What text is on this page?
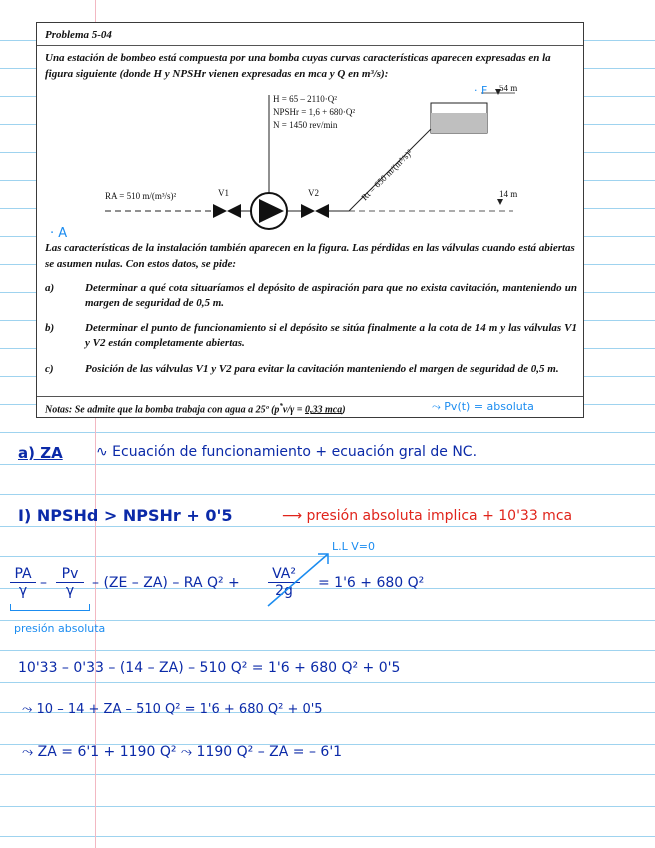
Problema 5-04
Una estación de bombeo está compuesta por una bomba cuyas curvas características aparecen expresadas en la figura siguiente (donde H y NPSHr vienen expresadas en mca y Q en m³/s):
H = 65 – 2110·Q²
NPSHr = 1,6 + 680·Q²
N = 1450 rev/min
54 m
RA = 510 m/(m³/s)²	V1	V2	Rt = 650 m/(m³/s)²	14 m
Las características de la instalación también aparecen en la figura. Las pérdidas en las válvulas cuando está abiertas se asumen nulas. Con estos datos, se pide:
a)	Determinar a qué cota situaríamos el depósito de aspiración para que no exista cavitación, manteniendo un margen de seguridad de 0,5 m.
b)	Determinar el punto de funcionamiento si el depósito se sitúa finalmente a la cota de 14 m y las válvulas V1 y V2 están completamente abiertas.
c)	Posición de las válvulas V1 y V2 para evitar la cavitación manteniendo el margen de seguridad de 0,5 m.
Notas: Se admite que la bomba trabaja con agua a 25º (p*v/γ = 0,33 mca)
· A
· F
⤳ Pv(t) = absoluta
a) ZA ∿ Ecuación de funcionamiento + ecuación gral de NC.
I) NPSHd > NPSHr + 0'5	⟶ presión absoluta implica + 10'33 mca
L.L V=0
$\frac{PA}{\gamma} - \frac{Pv}{\gamma} - (ZE - ZA)$ – RA $Q^2 + \frac{\text{VA²}}{2g} = 1'6 + 680$ Q²
presión absoluta
10'33 – 0'33 – (14 – ZA) – 510 Q² = 1'6 + 680 Q² + 0'5
⤳ 10 – 14 + ZA – 510 Q² = 1'6 + 680 Q² + 0'5
⤳ ZA = 6'1 + 1190 Q² ⤳ 1190 Q² – ZA = – 6'1
